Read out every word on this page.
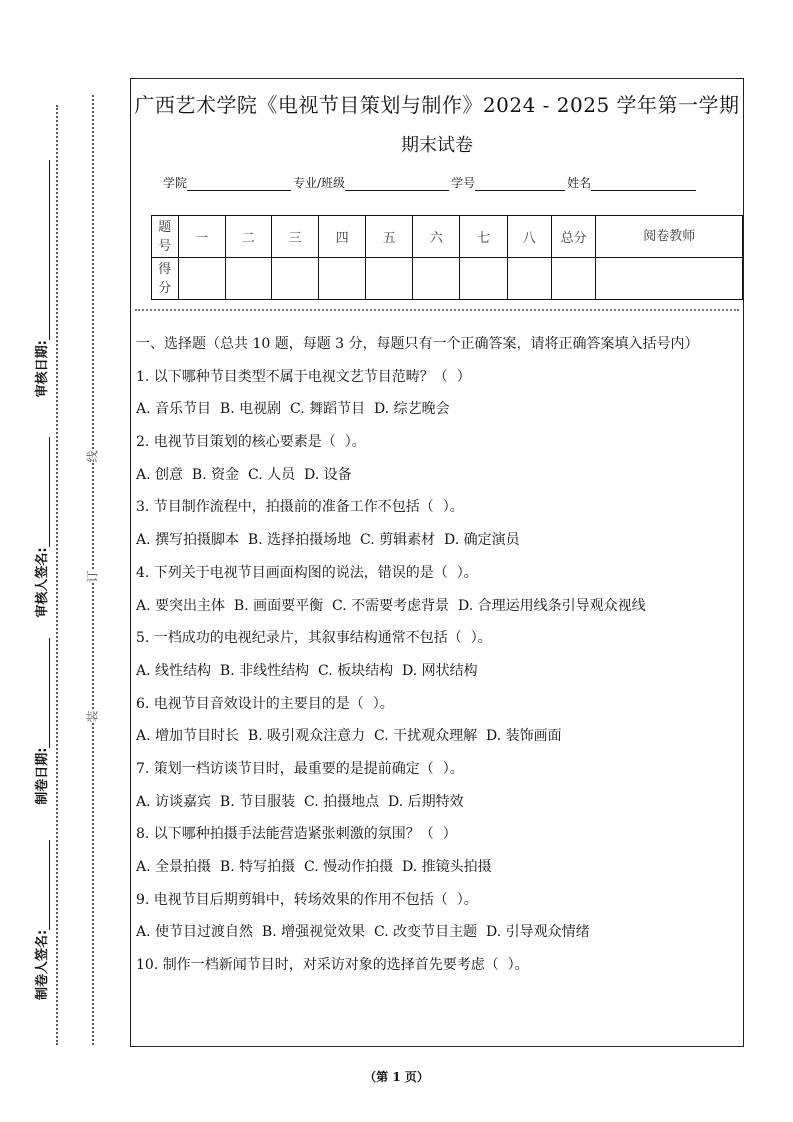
制卷人签名:
制卷日期:
审核人签名:
审核日期:
线
订
装
广西艺术学院《电视节目策划与制作》2024 - 2025 学年第一学期
期末试卷
学院	专业/班级	学号	姓名
题号	一	二	三	四	五	六	七	八	总分	阅卷教师
得分										

一、选择题（总共 10 题，每题 3 分，每题只有一个正确答案，请将正确答案填入括号内）

1. 以下哪种节目类型不属于电视文艺节目范畴？（  ）

A. 音乐节目  B. 电视剧  C. 舞蹈节目  D. 综艺晚会

2. 电视节目策划的核心要素是（  ）。

A. 创意  B. 资金  C. 人员  D. 设备

3. 节目制作流程中，拍摄前的准备工作不包括（  ）。

A. 撰写拍摄脚本  B. 选择拍摄场地  C. 剪辑素材  D. 确定演员

4. 下列关于电视节目画面构图的说法，错误的是（  ）。

A. 要突出主体  B. 画面要平衡  C. 不需要考虑背景  D. 合理运用线条引导观众视线

5. 一档成功的电视纪录片，其叙事结构通常不包括（  ）。

A. 线性结构  B. 非线性结构  C. 板块结构  D. 网状结构

6. 电视节目音效设计的主要目的是（  ）。

A. 增加节目时长  B. 吸引观众注意力  C. 干扰观众理解  D. 装饰画面

7. 策划一档访谈节目时，最重要的是提前确定（  ）。

A. 访谈嘉宾  B. 节目服装  C. 拍摄地点  D. 后期特效

8. 以下哪种拍摄手法能营造紧张刺激的氛围？（  ）

A. 全景拍摄  B. 特写拍摄  C. 慢动作拍摄  D. 推镜头拍摄

9. 电视节目后期剪辑中，转场效果的作用不包括（  ）。

A. 使节目过渡自然  B. 增强视觉效果  C. 改变节目主题  D. 引导观众情绪

10. 制作一档新闻节目时，对采访对象的选择首先要考虑（  ）。

（第 1 页）
